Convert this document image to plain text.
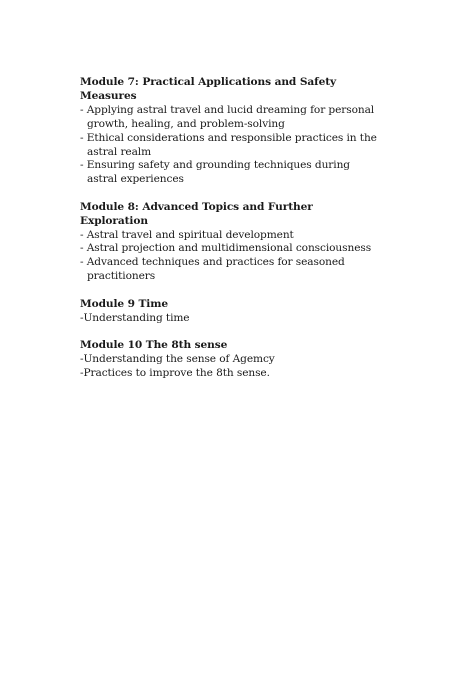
Module 7: Practical Applications and Safety Measures
- Applying astral travel and lucid dreaming for personal growth, healing, and problem-solving
- Ethical considerations and responsible practices in the astral realm
- Ensuring safety and grounding techniques during astral experiences
Module 8: Advanced Topics and Further Exploration
- Astral travel and spiritual development
- Astral projection and multidimensional consciousness
- Advanced techniques and practices for seasoned practitioners
Module 9 Time
-Understanding time
Module 10 The 8th sense
-Understanding the sense of Agemcy
-Practices to improve the 8th sense.
